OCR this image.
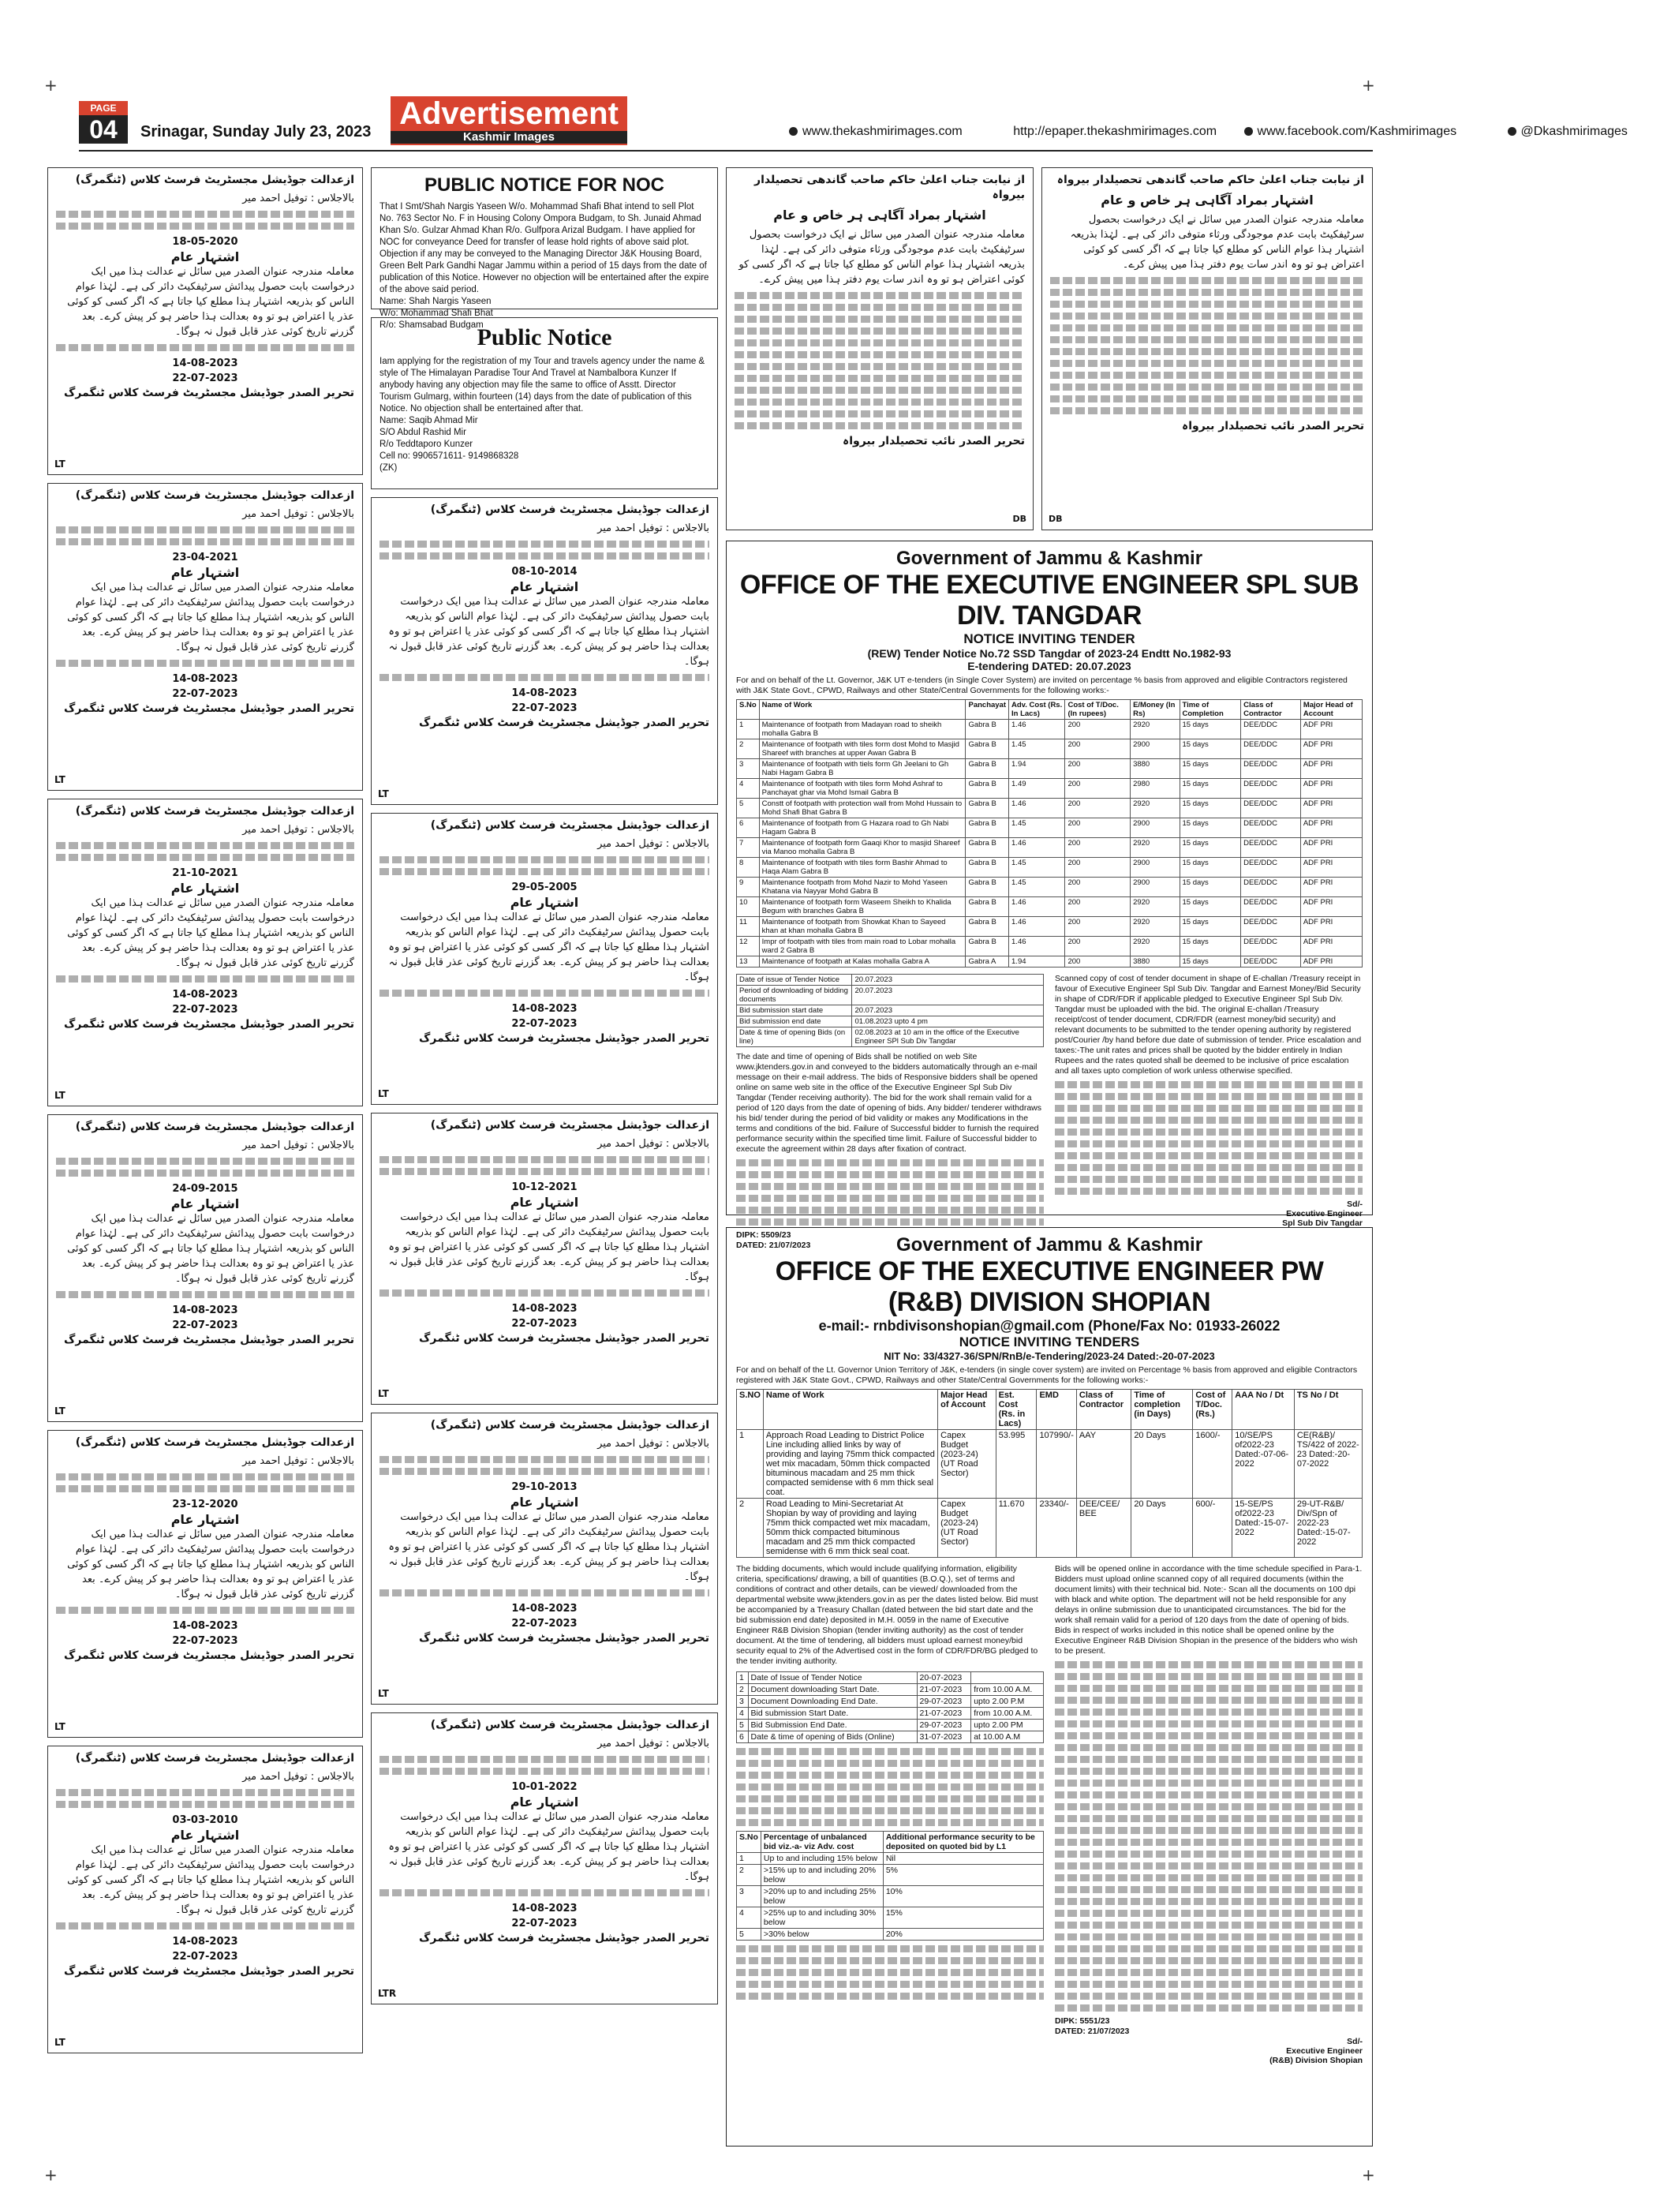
+	+
+	+
PAGE
04	Srinagar, Sunday July 23, 2023
Advertisement
Kashmir Images	www.thekashmirimages.com	http://epaper.thekashmirimages.com	www.facebook.com/Kashmirimages	@Dkashmirimages
ازعدالت جوڈیشل مجسٹریٹ فرسٹ کلاس (ٹنگمرگ)
بالاجلاس : توفیل احمد میر
18-05-2020
اشتہار عام
معاملہ مندرجہ عنوان الصدر میں سائل نے عدالت ہذا میں ایک درخواست بابت حصول پیدائش سرٹیفکیٹ دائر کی ہے۔ لہٰذا عوام الناس کو بذریعہ اشتہار ہذا مطلع کیا جاتا ہے کہ اگر کسی کو کوئی عذر یا اعتراض ہو تو وہ بعدالت ہذا حاضر ہو کر پیش کرے۔ بعد گزرنے تاریخ کوئی عذر قابل قبول نہ ہوگا۔
14-08-2023
22-07-2023
تحریر الصدر جوڈیشل مجسٹریٹ فرسٹ کلاس ٹنگمرگ
LT
ازعدالت جوڈیشل مجسٹریٹ فرسٹ کلاس (ٹنگمرگ)
بالاجلاس : توفیل احمد میر
23-04-2021
اشتہار عام
معاملہ مندرجہ عنوان الصدر میں سائل نے عدالت ہذا میں ایک درخواست بابت حصول پیدائش سرٹیفکیٹ دائر کی ہے۔ لہٰذا عوام الناس کو بذریعہ اشتہار ہذا مطلع کیا جاتا ہے کہ اگر کسی کو کوئی عذر یا اعتراض ہو تو وہ بعدالت ہذا حاضر ہو کر پیش کرے۔ بعد گزرنے تاریخ کوئی عذر قابل قبول نہ ہوگا۔
14-08-2023
22-07-2023
تحریر الصدر جوڈیشل مجسٹریٹ فرسٹ کلاس ٹنگمرگ
LT
ازعدالت جوڈیشل مجسٹریٹ فرسٹ کلاس (ٹنگمرگ)
بالاجلاس : توفیل احمد میر
21-10-2021
اشتہار عام
معاملہ مندرجہ عنوان الصدر میں سائل نے عدالت ہذا میں ایک درخواست بابت حصول پیدائش سرٹیفکیٹ دائر کی ہے۔ لہٰذا عوام الناس کو بذریعہ اشتہار ہذا مطلع کیا جاتا ہے کہ اگر کسی کو کوئی عذر یا اعتراض ہو تو وہ بعدالت ہذا حاضر ہو کر پیش کرے۔ بعد گزرنے تاریخ کوئی عذر قابل قبول نہ ہوگا۔
14-08-2023
22-07-2023
تحریر الصدر جوڈیشل مجسٹریٹ فرسٹ کلاس ٹنگمرگ
LT
ازعدالت جوڈیشل مجسٹریٹ فرسٹ کلاس (ٹنگمرگ)
بالاجلاس : توفیل احمد میر
24-09-2015
اشتہار عام
معاملہ مندرجہ عنوان الصدر میں سائل نے عدالت ہذا میں ایک درخواست بابت حصول پیدائش سرٹیفکیٹ دائر کی ہے۔ لہٰذا عوام الناس کو بذریعہ اشتہار ہذا مطلع کیا جاتا ہے کہ اگر کسی کو کوئی عذر یا اعتراض ہو تو وہ بعدالت ہذا حاضر ہو کر پیش کرے۔ بعد گزرنے تاریخ کوئی عذر قابل قبول نہ ہوگا۔
14-08-2023
22-07-2023
تحریر الصدر جوڈیشل مجسٹریٹ فرسٹ کلاس ٹنگمرگ
LT
ازعدالت جوڈیشل مجسٹریٹ فرسٹ کلاس (ٹنگمرگ)
بالاجلاس : توفیل احمد میر
23-12-2020
اشتہار عام
معاملہ مندرجہ عنوان الصدر میں سائل نے عدالت ہذا میں ایک درخواست بابت حصول پیدائش سرٹیفکیٹ دائر کی ہے۔ لہٰذا عوام الناس کو بذریعہ اشتہار ہذا مطلع کیا جاتا ہے کہ اگر کسی کو کوئی عذر یا اعتراض ہو تو وہ بعدالت ہذا حاضر ہو کر پیش کرے۔ بعد گزرنے تاریخ کوئی عذر قابل قبول نہ ہوگا۔
14-08-2023
22-07-2023
تحریر الصدر جوڈیشل مجسٹریٹ فرسٹ کلاس ٹنگمرگ
LT
ازعدالت جوڈیشل مجسٹریٹ فرسٹ کلاس (ٹنگمرگ)
بالاجلاس : توفیل احمد میر
03-03-2010
اشتہار عام
معاملہ مندرجہ عنوان الصدر میں سائل نے عدالت ہذا میں ایک درخواست بابت حصول پیدائش سرٹیفکیٹ دائر کی ہے۔ لہٰذا عوام الناس کو بذریعہ اشتہار ہذا مطلع کیا جاتا ہے کہ اگر کسی کو کوئی عذر یا اعتراض ہو تو وہ بعدالت ہذا حاضر ہو کر پیش کرے۔ بعد گزرنے تاریخ کوئی عذر قابل قبول نہ ہوگا۔
14-08-2023
22-07-2023
تحریر الصدر جوڈیشل مجسٹریٹ فرسٹ کلاس ٹنگمرگ
LT
PUBLIC NOTICE FOR NOC

That I Smt/Shah Nargis Yaseen W/o. Mohammad Shafi Bhat intend to sell Plot No. 763 Sector No. F in Housing Colony Ompora Budgam, to Sh. Junaid Ahmad Khan S/o. Gulzar Ahmad Khan R/o. Gulfpora Arizal Budgam. I have applied for NOC for conveyance Deed for transfer of lease hold rights of above said plot. Objection if any may be conveyed to the Managing Director J&K Housing Board, Green Belt Park Gandhi Nagar Jammu within a period of 15 days from the date of publication of this Notice. However no objection will be entertained after the expire of the above said period.

Name: Shah Nargis Yaseen

W/o: Mohammad Shafi Bhat

R/o: Shamsabad Budgam

Public Notice

Iam applying for the registration of my Tour and travels agency under the name & style of The Himalayan Paradise Tour And Travel at Nambalbora Kunzer If anybody having any objection may file the same to office of Asstt. Director Tourism Gulmarg, within fourteen (14) days from the date of publication of this Notice. No objection shall be entertained after that.

Name: Saqib Ahmad Mir

S/O Abdul Rashid Mir

R/o Teddtaporo Kunzer

Cell no: 9906571611- 9149868328

(ZK)

ازعدالت جوڈیشل مجسٹریٹ فرسٹ کلاس (ٹنگمرگ)
بالاجلاس : توفیل احمد میر
08-10-2014
اشتہار عام
معاملہ مندرجہ عنوان الصدر میں سائل نے عدالت ہذا میں ایک درخواست بابت حصول پیدائش سرٹیفکیٹ دائر کی ہے۔ لہٰذا عوام الناس کو بذریعہ اشتہار ہذا مطلع کیا جاتا ہے کہ اگر کسی کو کوئی عذر یا اعتراض ہو تو وہ بعدالت ہذا حاضر ہو کر پیش کرے۔ بعد گزرنے تاریخ کوئی عذر قابل قبول نہ ہوگا۔
14-08-2023
22-07-2023
تحریر الصدر جوڈیشل مجسٹریٹ فرسٹ کلاس ٹنگمرگ
LT
ازعدالت جوڈیشل مجسٹریٹ فرسٹ کلاس (ٹنگمرگ)
بالاجلاس : توفیل احمد میر
29-05-2005
اشتہار عام
معاملہ مندرجہ عنوان الصدر میں سائل نے عدالت ہذا میں ایک درخواست بابت حصول پیدائش سرٹیفکیٹ دائر کی ہے۔ لہٰذا عوام الناس کو بذریعہ اشتہار ہذا مطلع کیا جاتا ہے کہ اگر کسی کو کوئی عذر یا اعتراض ہو تو وہ بعدالت ہذا حاضر ہو کر پیش کرے۔ بعد گزرنے تاریخ کوئی عذر قابل قبول نہ ہوگا۔
14-08-2023
22-07-2023
تحریر الصدر جوڈیشل مجسٹریٹ فرسٹ کلاس ٹنگمرگ
LT
ازعدالت جوڈیشل مجسٹریٹ فرسٹ کلاس (ٹنگمرگ)
بالاجلاس : توفیل احمد میر
10-12-2021
اشتہار عام
معاملہ مندرجہ عنوان الصدر میں سائل نے عدالت ہذا میں ایک درخواست بابت حصول پیدائش سرٹیفکیٹ دائر کی ہے۔ لہٰذا عوام الناس کو بذریعہ اشتہار ہذا مطلع کیا جاتا ہے کہ اگر کسی کو کوئی عذر یا اعتراض ہو تو وہ بعدالت ہذا حاضر ہو کر پیش کرے۔ بعد گزرنے تاریخ کوئی عذر قابل قبول نہ ہوگا۔
14-08-2023
22-07-2023
تحریر الصدر جوڈیشل مجسٹریٹ فرسٹ کلاس ٹنگمرگ
LT
ازعدالت جوڈیشل مجسٹریٹ فرسٹ کلاس (ٹنگمرگ)
بالاجلاس : توفیل احمد میر
29-10-2013
اشتہار عام
معاملہ مندرجہ عنوان الصدر میں سائل نے عدالت ہذا میں ایک درخواست بابت حصول پیدائش سرٹیفکیٹ دائر کی ہے۔ لہٰذا عوام الناس کو بذریعہ اشتہار ہذا مطلع کیا جاتا ہے کہ اگر کسی کو کوئی عذر یا اعتراض ہو تو وہ بعدالت ہذا حاضر ہو کر پیش کرے۔ بعد گزرنے تاریخ کوئی عذر قابل قبول نہ ہوگا۔
14-08-2023
22-07-2023
تحریر الصدر جوڈیشل مجسٹریٹ فرسٹ کلاس ٹنگمرگ
LT
ازعدالت جوڈیشل مجسٹریٹ فرسٹ کلاس (ٹنگمرگ)
بالاجلاس : توفیل احمد میر
10-01-2022
اشتہار عام
معاملہ مندرجہ عنوان الصدر میں سائل نے عدالت ہذا میں ایک درخواست بابت حصول پیدائش سرٹیفکیٹ دائر کی ہے۔ لہٰذا عوام الناس کو بذریعہ اشتہار ہذا مطلع کیا جاتا ہے کہ اگر کسی کو کوئی عذر یا اعتراض ہو تو وہ بعدالت ہذا حاضر ہو کر پیش کرے۔ بعد گزرنے تاریخ کوئی عذر قابل قبول نہ ہوگا۔
14-08-2023
22-07-2023
تحریر الصدر جوڈیشل مجسٹریٹ فرسٹ کلاس ٹنگمرگ
LTR
از نیابت جناب اعلیٰ حاکم صاحب گاندھی تحصیلدار بیرواہ
اشتہار بمراد آگاہی ہر خاص و عام
معاملہ مندرجہ عنوان الصدر میں سائل نے ایک درخواست بحصول سرٹیفکیٹ بابت عدم موجودگی ورثاء متوفی دائر کی ہے۔ لہٰذا بذریعہ اشتہار ہذا عوام الناس کو مطلع کیا جاتا ہے کہ اگر کسی کو کوئی اعتراض ہو تو وہ اندر سات یوم دفتر ہذا میں پیش کرے۔
تحریر الصدر نائب تحصیلدار بیرواہ
DB
از نیابت جناب اعلیٰ حاکم صاحب گاندھی تحصیلدار بیرواہ
اشتہار بمراد آگاہی ہر خاص و عام
معاملہ مندرجہ عنوان الصدر میں سائل نے ایک درخواست بحصول سرٹیفکیٹ بابت عدم موجودگی ورثاء متوفی دائر کی ہے۔ لہٰذا بذریعہ اشتہار ہذا عوام الناس کو مطلع کیا جاتا ہے کہ اگر کسی کو کوئی اعتراض ہو تو وہ اندر سات یوم دفتر ہذا میں پیش کرے۔
تحریر الصدر نائب تحصیلدار بیرواہ
DB
Government of Jammu & Kashmir
OFFICE OF THE EXECUTIVE ENGINEER SPL SUB DIV. TANGDAR
NOTICE INVITING TENDER
(REW) Tender Notice No.72 SSD Tangdar of 2023-24 Endtt No.1982-93
E-tendering DATED: 20.07.2023
For and on behalf of the Lt. Governor, J&K UT e-tenders (in Single Cover System) are invited on percentage % basis from approved and eligible Contractors registered with J&K State Govt., CPWD, Railways and other State/Central Governments for the following works:-
S.No	Name of Work	Panchayat	Adv. Cost (Rs. In Lacs)	Cost of T/Doc. (In rupees)	E/Money (In Rs)	Time of Completion	Class of Contractor	Major Head of Account
1	Maintenance of footpath from Madayan road to sheikh mohalla Gabra B	Gabra B	1.46	200	2920	15 days	DEE/DDC	ADF PRI
2	Maintenance of footpath with tiles form dost Mohd to Masjid Shareef with branches at upper Awan Gabra B	Gabra B	1.45	200	2900	15 days	DEE/DDC	ADF PRI
3	Maintenance of footpath with tiels form Gh Jeelani to Gh Nabi Hagam Gabra B	Gabra B	1.94	200	3880	15 days	DEE/DDC	ADF PRI
4	Maintenance of footpath with tiles form Mohd Ashraf to Panchayat ghar via Mohd Ismail Gabra B	Gabra B	1.49	200	2980	15 days	DEE/DDC	ADF PRI
5	Constt of footpath with protection wall from Mohd Hussain to Mohd Shafi Bhat Gabra B	Gabra B	1.46	200	2920	15 days	DEE/DDC	ADF PRI
6	Maintenance of footpath from G Hazara road to Gh Nabi Hagam Gabra B	Gabra B	1.45	200	2900	15 days	DEE/DDC	ADF PRI
7	Maintenance of footpath form Gaaqi Khor to masjid Shareef via Manoo mohalla Gabra B	Gabra B	1.46	200	2920	15 days	DEE/DDC	ADF PRI
8	Maintenance of footpath with tiles form Bashir Ahmad to Haqa Alam Gabra B	Gabra B	1.45	200	2900	15 days	DEE/DDC	ADF PRI
9	Maintenance footpath from Mohd Nazir to Mohd Yaseen Khatana via Nayyar Mohd Gabra B	Gabra B	1.45	200	2900	15 days	DEE/DDC	ADF PRI
10	Maintenance of footpath form Waseem Sheikh to Khalida Begum with branches Gabra B	Gabra B	1.46	200	2920	15 days	DEE/DDC	ADF PRI
11	Maintenance of footpath from Showkat Khan to Sayeed khan at khan mohalla Gabra B	Gabra B	1.46	200	2920	15 days	DEE/DDC	ADF PRI
12	Impr of footpath with tiles from main road to Lobar mohalla ward 2 Gabra B	Gabra B	1.46	200	2920	15 days	DEE/DDC	ADF PRI
13	Maintenance of footpath at Kalas mohalla Gabra A	Gabra A	1.94	200	3880	15 days	DEE/DDC	ADF PRI
Date of issue of Tender Notice	20.07.2023
Period of downloading of bidding documents	20.07.2023
Bid submission start date	20.07.2023
Bid submission end date	01.08.2023 upto 4 pm
Date & time of opening Bids (on line)	02.08.2023 at 10 am in the office of the Executive Engineer SPl Sub Div Tangdar
The date and time of opening of Bids shall be notified on web Site www.jktenders.gov.in and conveyed to the bidders automatically through an e-mail message on their e-mail address. The bids of Responsive bidders shall be opened online on same web site in the office of the Executive Engineer Spl Sub Div Tangdar (Tender receiving authority). The bid for the work shall remain valid for a period of 120 days from the date of opening of bids. Any bidder/ tenderer withdraws his bid/ tender during the period of bid validity or makes any Modifications in the terms and conditions of the bid. Failure of Successful bidder to furnish the required performance security within the specified time limit. Failure of Successful bidder to execute the agreement within 28 days after fixation of contract.
DIPK: 5509/23
DATED: 21/07/2023
Scanned copy of cost of tender document in shape of E-challan /Treasury receipt in favour of Executive Engineer Spl Sub Div. Tangdar and Earnest Money/Bid Security in shape of CDR/FDR if applicable pledged to Executive Engineer Spl Sub Div. Tangdar must be uploaded with the bid. The original E-challan /Treasury receipt/cost of tender document, CDR/FDR (earnest money/bid security) and relevant documents to be submitted to the tender opening authority by registered post/Courier /by hand before due date of submission of tender. Price escalation and taxes:-The unit rates and prices shall be quoted by the bidder entirely in Indian Rupees and the rates quoted shall be deemed to be inclusive of price escalation and all taxes upto completion of work unless otherwise specified.
Sd/-
Executive Engineer
Spl Sub Div Tangdar
Government of Jammu & Kashmir
OFFICE OF THE EXECUTIVE ENGINEER PW (R&B) DIVISION SHOPIAN
e-mail:- rnbdivisonshopian@gmail.com (Phone/Fax No: 01933-26022
NOTICE INVITING TENDERS
NIT No: 33/4327-36/SPN/RnB/e-Tendering/2023-24 Dated:-20-07-2023
For and on behalf of the Lt. Governor Union Territory of J&K, e-tenders (in single cover system) are invited on Percentage % basis from approved and eligible Contractors registered with J&K State Govt., CPWD, Railways and other State/Central Governments for the following works:-
S.NO	Name of Work	Major Head of Account	Est. Cost (Rs. in Lacs)	EMD	Class of Contractor	Time of completion (in Days)	Cost of T/Doc. (Rs.)	AAA No / Dt	TS No / Dt
1	Approach Road Leading to District Police Line including allied links by way of providing and laying 75mm thick compacted wet mix macadam, 50mm thick compacted bituminous macadam and 25 mm thick compacted semidense with 6 mm thick seal coat.	Capex Budget (2023-24) (UT Road Sector)	53.995	107990/-	AAY	20 Days	1600/-	10/SE/PS of2022-23 Dated:-07-06-2022	CE(R&B)/ TS/422 of 2022-23 Dated:-20-07-2022
2	Road Leading to Mini-Secretariat At Shopian by way of providing and laying 75mm thick compacted wet mix macadam, 50mm thick compacted bituminous macadam and 25 mm thick compacted semidense with 6 mm thick seal coat.	Capex Budget (2023-24) (UT Road Sector)	11.670	23340/-	DEE/CEE/ BEE	20 Days	600/-	15-SE/PS of2022-23 Dated:-15-07-2022	29-UT-R&B/ Div/Spn of 2022-23 Dated:-15-07-2022
The bidding documents, which would include qualifying information, eligibility criteria, specifications/ drawing, a bill of quantities (B.O.Q.), set of terms and conditions of contract and other details, can be viewed/ downloaded from the departmental website www.jktenders.gov.in as per the dates listed below. Bid must be accompanied by a Treasury Challan (dated between the bid start date and the bid submission end date) deposited in M.H. 0059 in the name of Executive Engineer R&B Division Shopian (tender inviting authority) as the cost of tender document. At the time of tendering, all bidders must upload earnest money/bid security equal to 2% of the Advertised cost in the form of CDR/FDR/BG pledged to the tender inviting authority.
1	Date of Issue of Tender Notice	20-07-2023	
2	Document downloading Start Date.	21-07-2023	from 10.00 A.M.
3	Document Downloading End Date.	29-07-2023	upto 2.00 P.M
4	Bid submission Start Date.	21-07-2023	from 10.00 A.M.
5	Bid Submission End Date.	29-07-2023	upto 2.00 PM
6	Date & time of opening of Bids (Online)	31-07-2023	at 10.00 A.M
S.No	Percentage of unbalanced bid viz.-a- viz Adv. cost	Additional performance security to be deposited on quoted bid by L1
1	Up to and including 15% below	Nil
2	>15% up to and including 20% below	5%
3	>20% up to and including 25% below	10%
4	>25% up to and including 30% below	15%
5	>30% below	20%
Bids will be opened online in accordance with the time schedule specified in Para-1. Bidders must upload online scanned copy of all required documents (within the document limits) with their technical bid. Note:- Scan all the documents on 100 dpi with black and white option. The department will not be held responsible for any delays in online submission due to unanticipated circumstances. The bid for the work shall remain valid for a period of 120 days from the date of opening of bids. Bids in respect of works included in this notice shall be opened online by the Executive Engineer R&B Division Shopian in the presence of the bidders who wish to be present.
DIPK: 5551/23
DATED: 21/07/2023
Sd/-
Executive Engineer
(R&B) Division Shopian
